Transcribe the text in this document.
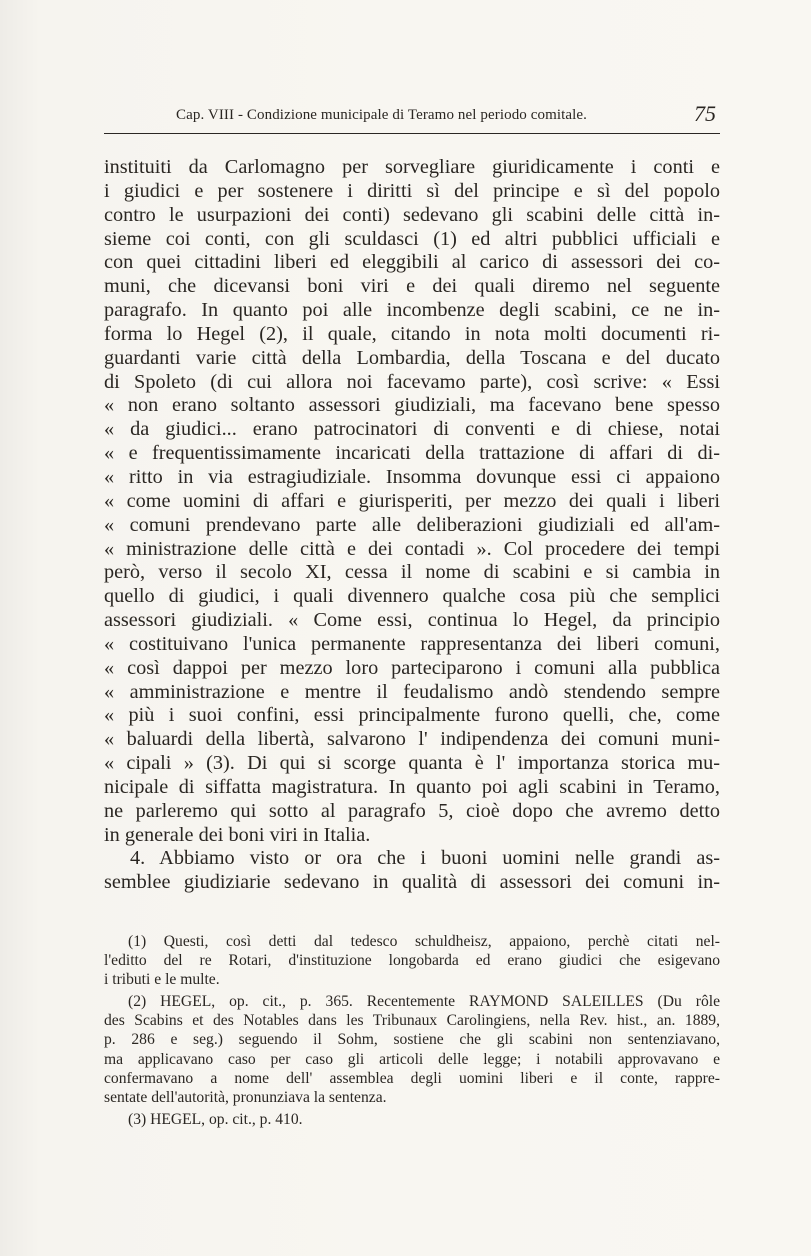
Cap. VIII - Condizione municipale di Teramo nel periodo comitale.	75
instituiti da Carlomagno per sorvegliare giuridicamente i conti e
i giudici e per sostenere i diritti sì del principe e sì del popolo
contro le usurpazioni dei conti) sedevano gli scabini delle città in-
sieme coi conti, con gli sculdasci (1) ed altri pubblici ufficiali e
con quei cittadini liberi ed eleggibili al carico di assessori dei co-
muni, che dicevansi boni viri e dei quali diremo nel seguente
paragrafo. In quanto poi alle incombenze degli scabini, ce ne in-
forma lo Hegel (2), il quale, citando in nota molti documenti ri-
guardanti varie città della Lombardia, della Toscana e del ducato
di Spoleto (di cui allora noi facevamo parte), così scrive: « Essi
« non erano soltanto assessori giudiziali, ma facevano bene spesso
« da giudici... erano patrocinatori di conventi e di chiese, notai
« e frequentissimamente incaricati della trattazione di affari di di-
« ritto in via estragiudiziale. Insomma dovunque essi ci appaiono
« come uomini di affari e giurisperiti, per mezzo dei quali i liberi
« comuni prendevano parte alle deliberazioni giudiziali ed all'am-
« ministrazione delle città e dei contadi ». Col procedere dei tempi
però, verso il secolo XI, cessa il nome di scabini e si cambia in
quello di giudici, i quali divennero qualche cosa più che semplici
assessori giudiziali. « Come essi, continua lo Hegel, da principio
« costituivano l'unica permanente rappresentanza dei liberi comuni,
« così dappoi per mezzo loro parteciparono i comuni alla pubblica
« amministrazione e mentre il feudalismo andò stendendo sempre
« più i suoi confini, essi principalmente furono quelli, che, come
« baluardi della libertà, salvarono l' indipendenza dei comuni muni-
« cipali » (3). Di qui si scorge quanta è l' importanza storica mu-
nicipale di siffatta magistratura. In quanto poi agli scabini in Teramo,
ne parleremo qui sotto al paragrafo 5, cioè dopo che avremo detto
in generale dei boni viri in Italia.
4. Abbiamo visto or ora che i buoni uomini nelle grandi as-
semblee giudiziarie sedevano in qualità di assessori dei comuni in-
(1) Questi, così detti dal tedesco schuldheisz, appaiono, perchè citati nel-
l'editto del re Rotari, d'instituzione longobarda ed erano giudici che esigevano
i tributi e le multe.
(2) HEGEL, op. cit., p. 365. Recentemente RAYMOND SALEILLES (Du rôle
des Scabins et des Notables dans les Tribunaux Carolingiens, nella Rev. hist., an. 1889,
p. 286 e seg.) seguendo il Sohm, sostiene che gli scabini non sentenziavano,
ma applicavano caso per caso gli articoli delle legge; i notabili approvavano e
confermavano a nome dell' assemblea degli uomini liberi e il conte, rappre-
sentate dell'autorità, pronunziava la sentenza.
(3) HEGEL, op. cit., p. 410.
